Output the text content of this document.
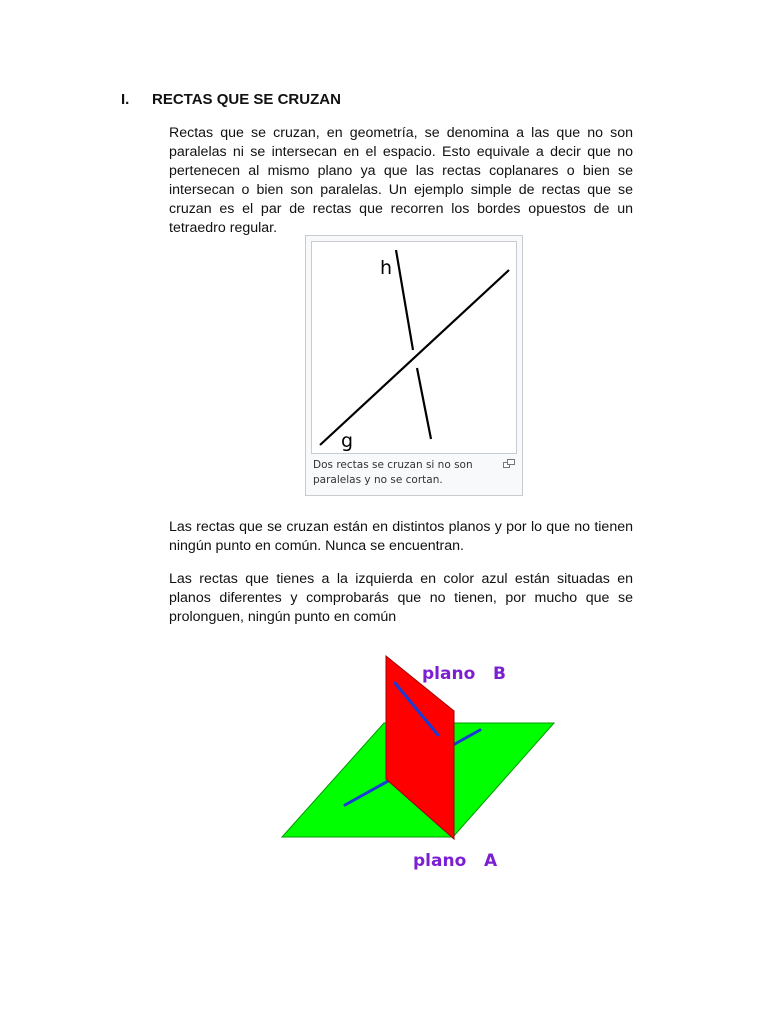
I. RECTAS QUE SE CRUZAN

Rectas que se cruzan, en geometría, se denomina a las que no son paralelas ni se intersecan en el espacio. Esto equivale a decir que no pertenecen al mismo plano ya que las rectas coplanares o bien se intersecan o bien son paralelas. Un ejemplo simple de rectas que se cruzan es el par de rectas que recorren los bordes opuestos de un tetraedro regular.

h
g
Dos rectas se cruzan si no son paralelas y no se cortan.

Las rectas que se cruzan están en distintos planos y por lo que no tienen ningún punto en común. Nunca se encuentran.

Las rectas que tienes a la izquierda en color azul están situadas en planos diferentes y comprobarás que no tienen, por mucho que se prolonguen, ningún punto en común

plano   B
plano   A
